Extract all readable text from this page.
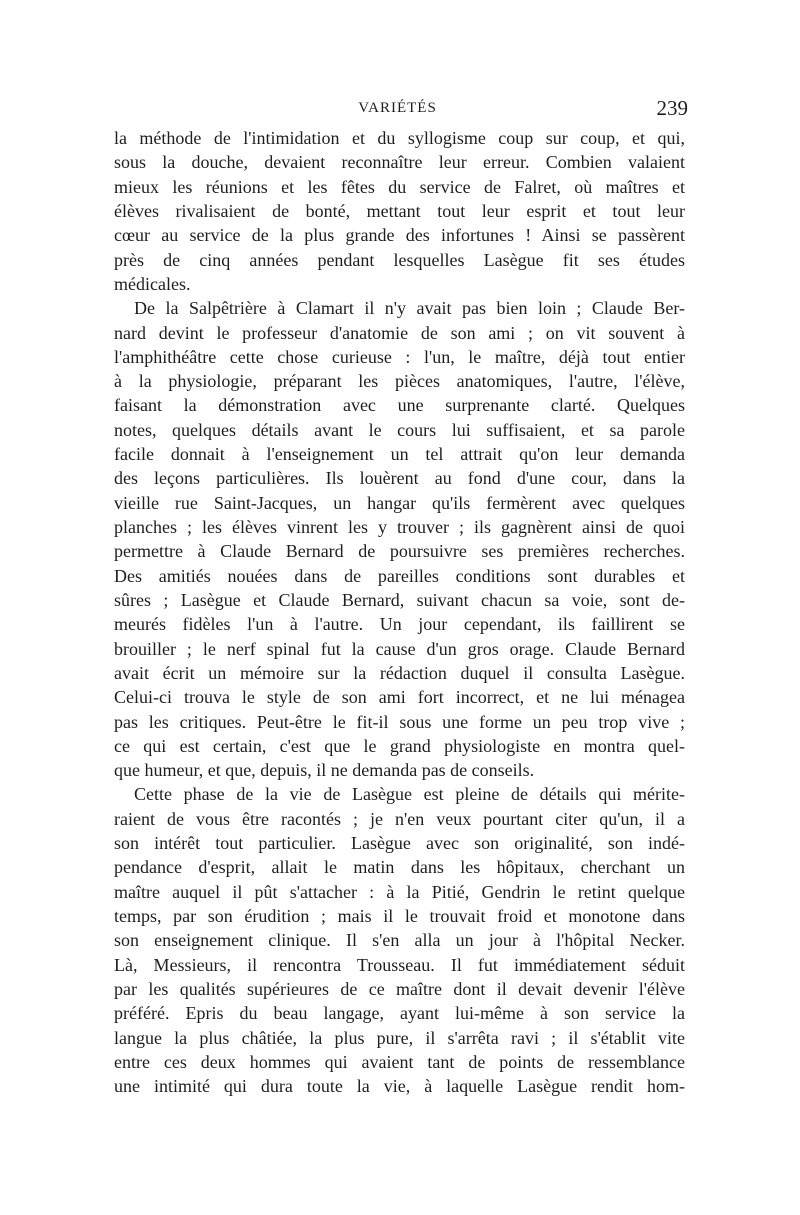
VARIÉTÉS	239
la méthode de l'intimidation et du syllogisme coup sur coup, et qui,
sous la douche, devaient reconnaître leur erreur. Combien valaient
mieux les réunions et les fêtes du service de Falret, où maîtres et
élèves rivalisaient de bonté, mettant tout leur esprit et tout leur
cœur au service de la plus grande des infortunes ! Ainsi se passèrent
près de cinq années pendant lesquelles Lasègue fit ses études
médicales.
De la Salpêtrière à Clamart il n'y avait pas bien loin ; Claude Ber-
nard devint le professeur d'anatomie de son ami ; on vit souvent à
l'amphithéâtre cette chose curieuse : l'un, le maître, déjà tout entier
à la physiologie, préparant les pièces anatomiques, l'autre, l'élève,
faisant la démonstration avec une surprenante clarté. Quelques
notes, quelques détails avant le cours lui suffisaient, et sa parole
facile donnait à l'enseignement un tel attrait qu'on leur demanda
des leçons particulières. Ils louèrent au fond d'une cour, dans la
vieille rue Saint-Jacques, un hangar qu'ils fermèrent avec quelques
planches ; les élèves vinrent les y trouver ; ils gagnèrent ainsi de quoi
permettre à Claude Bernard de poursuivre ses premières recherches.
Des amitiés nouées dans de pareilles conditions sont durables et
sûres ; Lasègue et Claude Bernard, suivant chacun sa voie, sont de-
meurés fidèles l'un à l'autre. Un jour cependant, ils faillirent se
brouiller ; le nerf spinal fut la cause d'un gros orage. Claude Bernard
avait écrit un mémoire sur la rédaction duquel il consulta Lasègue.
Celui-ci trouva le style de son ami fort incorrect, et ne lui ménagea
pas les critiques. Peut-être le fit-il sous une forme un peu trop vive ;
ce qui est certain, c'est que le grand physiologiste en montra quel-
que humeur, et que, depuis, il ne demanda pas de conseils.
Cette phase de la vie de Lasègue est pleine de détails qui mérite-
raient de vous être racontés ; je n'en veux pourtant citer qu'un, il a
son intérêt tout particulier. Lasègue avec son originalité, son indé-
pendance d'esprit, allait le matin dans les hôpitaux, cherchant un
maître auquel il pût s'attacher : à la Pitié, Gendrin le retint quelque
temps, par son érudition ; mais il le trouvait froid et monotone dans
son enseignement clinique. Il s'en alla un jour à l'hôpital Necker.
Là, Messieurs, il rencontra Trousseau. Il fut immédiatement séduit
par les qualités supérieures de ce maître dont il devait devenir l'élève
préféré. Epris du beau langage, ayant lui-même à son service la
langue la plus châtiée, la plus pure, il s'arrêta ravi ; il s'établit vite
entre ces deux hommes qui avaient tant de points de ressemblance
une intimité qui dura toute la vie, à laquelle Lasègue rendit hom-
